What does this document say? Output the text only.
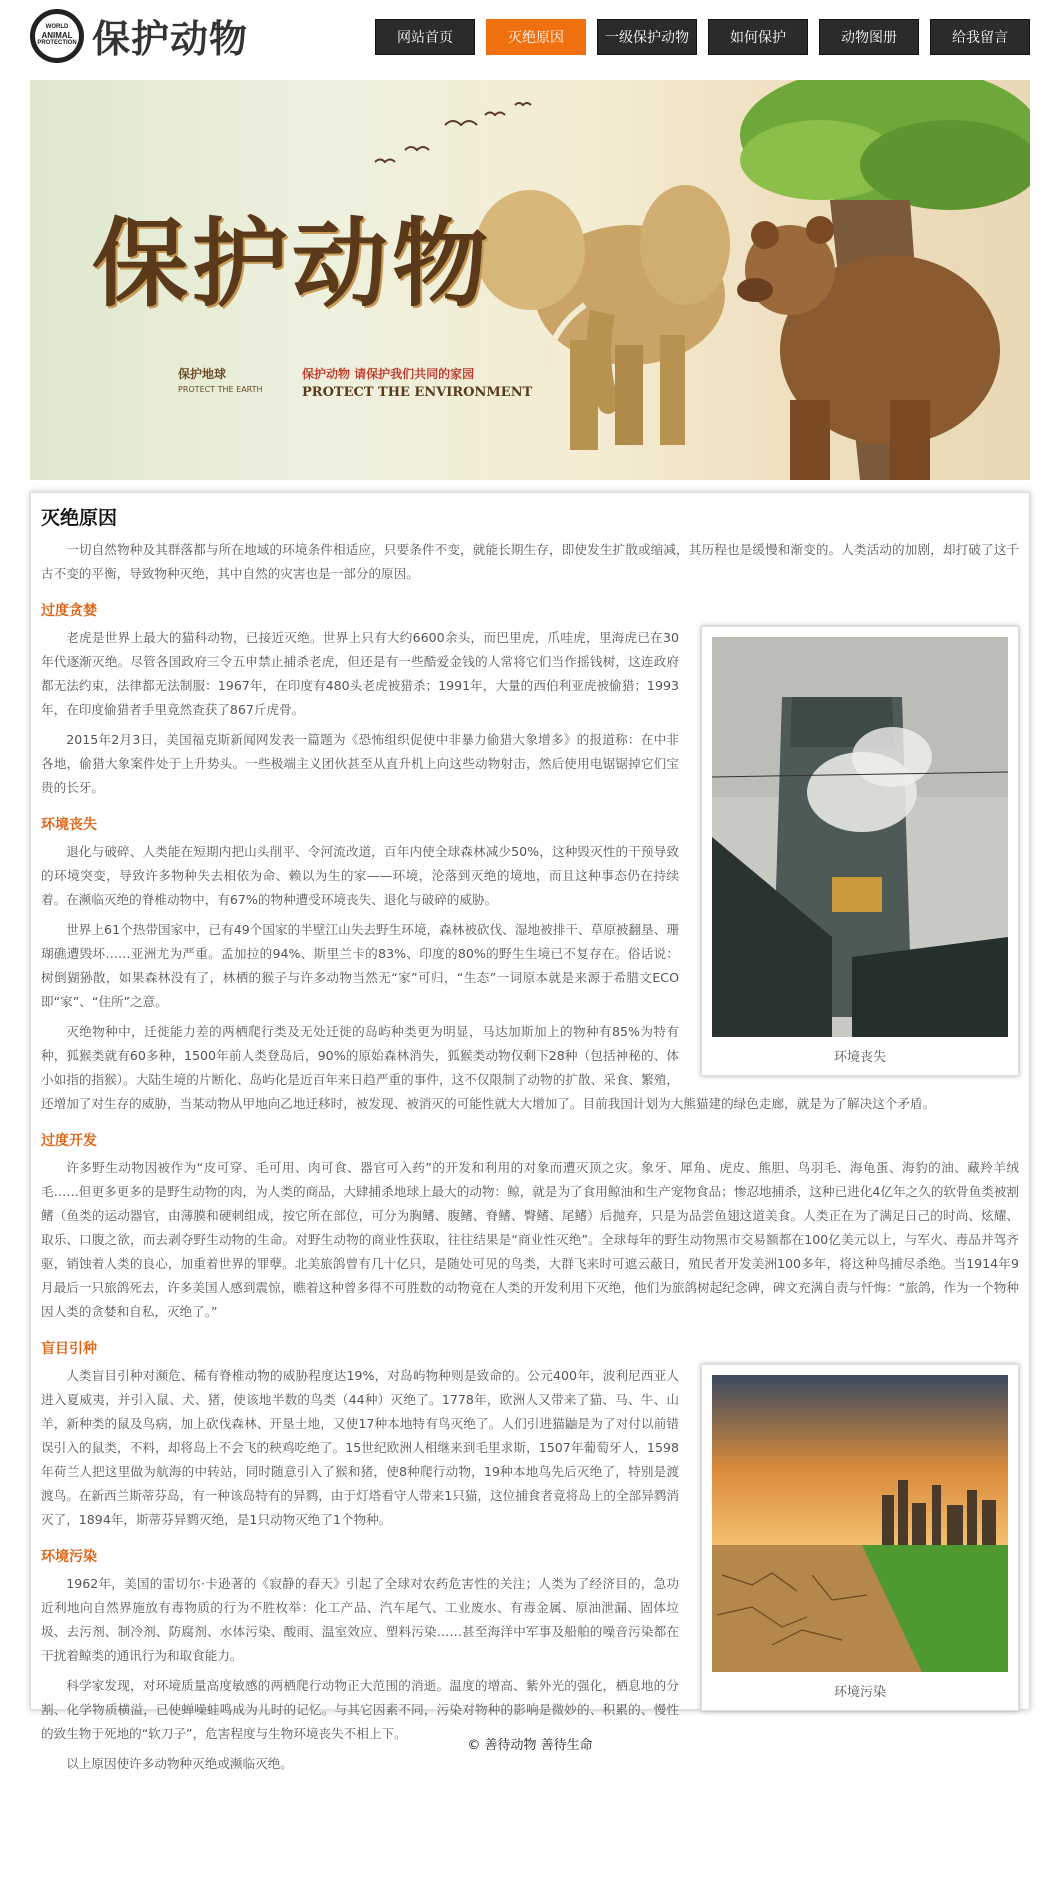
WORLD
ANIMAL
PROTECTION 保护动物	网站首页	灭绝原因	一级保护动物	如何保护	动物图册	给我留言
保护动物
保护地球
PROTECT THE EARTH
保护动物 请保护我们共同的家园
PROTECT THE ENVIRONMENT
灭绝原因

一切自然物种及其群落都与所在地域的环境条件相适应，只要条件不变，就能长期生存，即使发生扩散或缩减，其历程也是缓慢和渐变的。人类活动的加剧，却打破了这千古不变的平衡，导致物种灭绝，其中自然的灾害也是一部分的原因。

过度贪婪
环境丧失

老虎是世界上最大的猫科动物，已接近灭绝。世界上只有大约6600余头，而巴里虎，爪哇虎，里海虎已在30年代逐渐灭绝。尽管各国政府三令五申禁止捕杀老虎，但还是有一些酷爱金钱的人常将它们当作摇钱树，这连政府都无法约束，法律都无法制服：1967年，在印度有480头老虎被猎杀；1991年，大量的西伯利亚虎被偷猎；1993年，在印度偷猎者手里竟然查获了867斤虎骨。

2015年2月3日，美国福克斯新闻网发表一篇题为《恐怖组织促使中非暴力偷猎大象增多》的报道称：在中非各地，偷猎大象案件处于上升势头。一些极端主义团伙甚至从直升机上向这些动物射击，然后使用电锯锯掉它们宝贵的长牙。

环境丧失

退化与破碎、人类能在短期内把山头削平、令河流改道，百年内使全球森林减少50%，这种毁灭性的干预导致的环境突变，导致许多物种失去相依为命、赖以为生的家——环境，沦落到灭绝的境地，而且这种事态仍在持续着。在濒临灭绝的脊椎动物中，有67%的物种遭受环境丧失、退化与破碎的威胁。

世界上61个热带国家中，已有49个国家的半壁江山失去野生环境，森林被砍伐、湿地被排干、草原被翻垦、珊瑚礁遭毁坏……亚洲尤为严重。孟加拉的94%、斯里兰卡的83%、印度的80%的野生生境已不复存在。俗话说：树倒猢狲散，如果森林没有了，林栖的猴子与许多动物当然无“家”可归，“生态”一词原本就是来源于希腊文ECO即“家”、“住所”之意。

灭绝物种中，迁徙能力差的两栖爬行类及无处迁徙的岛屿种类更为明显，马达加斯加上的物种有85%为特有种，狐猴类就有60多种，1500年前人类登岛后，90%的原始森林消失，狐猴类动物仅剩下28种（包括神秘的、体小如指的指猴）。大陆生境的片断化、岛屿化是近百年来日趋严重的事件，这不仅限制了动物的扩散、采食、繁殖，还增加了对生存的威胁，当某动物从甲地向乙地迁移时，被发现、被消灭的可能性就大大增加了。目前我国计划为大熊猫建的绿色走廊，就是为了解决这个矛盾。

过度开发

许多野生动物因被作为“皮可穿、毛可用、肉可食、器官可入药”的开发和利用的对象而遭灭顶之灾。象牙、犀角、虎皮、熊胆、鸟羽毛、海龟蛋、海豹的油、藏羚羊绒毛……但更多更多的是野生动物的肉，为人类的商品，大肆捕杀地球上最大的动物：鲸，就是为了食用鲸油和生产宠物食品；惨忍地捕杀，这种已进化4亿年之久的软骨鱼类被割鳍（鱼类的运动器官，由薄膜和硬刺组成，按它所在部位，可分为胸鳍、腹鳍、脊鳍、臀鳍、尾鳍）后抛弃，只是为品尝鱼翅这道美食。人类正在为了满足日己的时尚、炫耀、取乐、口腹之欲，而去剥夺野生动物的生命。对野生动物的商业性获取，往往结果是“商业性灭绝”。全球每年的野生动物黑市交易额都在100亿美元以上，与军火、毒品并驾齐驱，销蚀着人类的良心，加重着世界的罪孽。北美旅鸽曾有几十亿只，是随处可见的鸟类，大群飞来时可遮云蔽日，殖民者开发美洲100多年，将这种鸟捕尽杀绝。当1914年9月最后一只旅鸽死去，许多美国人感到震惊，瞧着这种曾多得不可胜数的动物竟在人类的开发利用下灭绝，他们为旅鸽树起纪念碑，碑文充满自责与忏悔：“旅鸽，作为一个物种因人类的贪婪和自私，灭绝了。”

盲目引种
环境污染

人类盲目引种对濒危、稀有脊椎动物的威胁程度达19%，对岛屿物种则是致命的。公元400年，波利尼西亚人进入夏威夷，并引入鼠、犬、猪，使该地半数的鸟类（44种）灭绝了。1778年，欧洲人又带来了猫、马、牛、山羊，新种类的鼠及鸟病，加上砍伐森林、开垦土地，又使17种本地特有鸟灭绝了。人们引进猫鼬是为了对付以前错误引入的鼠类，不料，却将岛上不会飞的秧鸡吃绝了。15世纪欧洲人相继来到毛里求斯，1507年葡萄牙人，1598年荷兰人把这里做为航海的中转站，同时随意引入了猴和猪，使8种爬行动物，19种本地鸟先后灭绝了，特别是渡渡鸟。在新西兰斯蒂芬岛，有一种该岛特有的异鹨，由于灯塔看守人带来1只猫，这位捕食者竟将岛上的全部异鹨消灭了，1894年，斯蒂芬异鹨灭绝，是1只动物灭绝了1个物种。

环境污染

1962年，美国的雷切尔·卡逊著的《寂静的春天》引起了全球对农药危害性的关注；人类为了经济目的，急功近利地向自然界施放有毒物质的行为不胜枚举：化工产品、汽车尾气、工业废水、有毒金属、原油泄漏、固体垃圾、去污剂、制冷剂、防腐剂、水体污染、酸雨、温室效应、塑料污染……甚至海洋中军事及船舶的噪音污染都在干扰着鲸类的通讯行为和取食能力。

科学家发现，对环境质量高度敏感的两栖爬行动物正大范围的消逝。温度的增高、紫外光的强化，栖息地的分割、化学物质横溢，已使蝉噪蛙鸣成为儿时的记忆。与其它因素不同，污染对物种的影响是微妙的、积累的、慢性的致生物于死地的“软刀子”，危害程度与生物环境丧失不相上下。

以上原因使许多动物种灭绝或濒临灭绝。

© 善待动物 善待生命
